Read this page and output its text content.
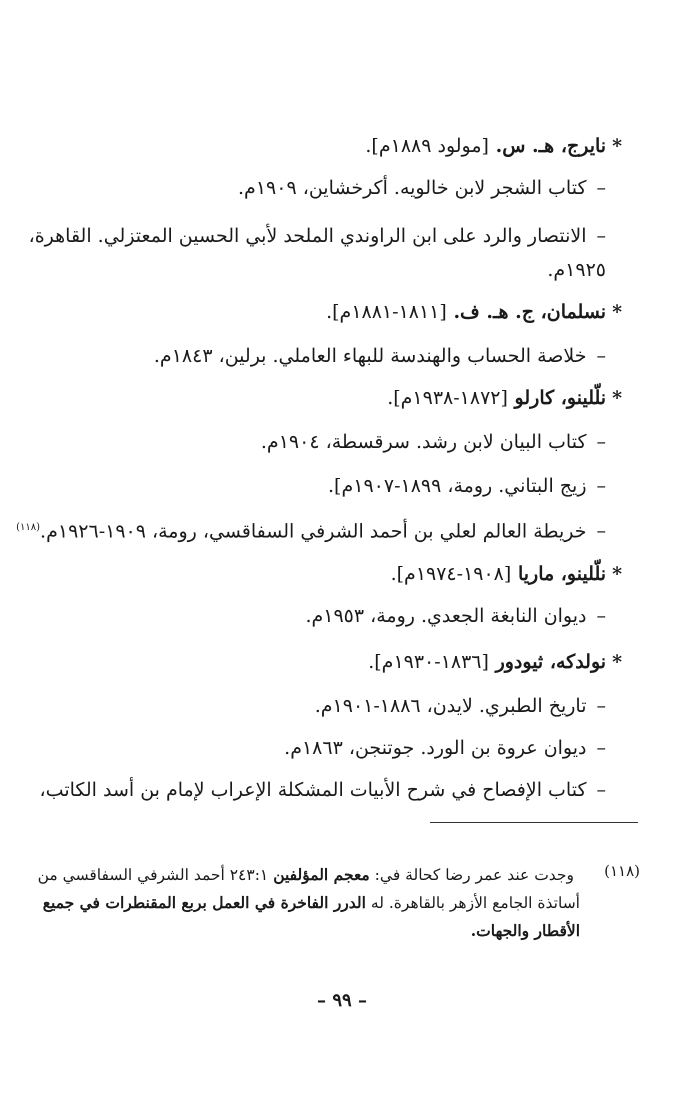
*نايرج، هـ. س. [مولود ١٨٨٩م].
–كتاب الشجر لابن خالويه. أكرخشاين، ١٩٠٩م.
–الانتصار والرد على ابن الراوندي الملحد لأبي الحسين المعتزلي. القاهرة،
١٩٢٥م.
*نسلمان، ج. هـ. ف. [١٨١١-١٨٨١م].
–خلاصة الحساب والهندسة للبهاء العاملي. برلين، ١٨٤٣م.
*نلّلينو، كارلو [١٨٧٢-١٩٣٨م].
–كتاب البيان لابن رشد. سرقسطة، ١٩٠٤م.
–زيج البتاني. رومة، ١٨٩٩-١٩٠٧م].
–خريطة العالم لعلي بن أحمد الشرفي السفاقسي، رومة، ١٩٠٩-١٩٢٦م.$^{(١١٨)}$
*نلّلينو، ماريا [١٩٠٨-١٩٧٤م].
–ديوان النابغة الجعدي. رومة، ١٩٥٣م.
*نولدكه، ثيودور [١٨٣٦-١٩٣٠م].
–تاريخ الطبري. لايدن، ١٨٨٦-١٩٠١م.
–ديوان عروة بن الورد. جوتنجن، ١٨٦٣م.
–كتاب الإفصاح في شرح الأبيات المشكلة الإعراب لإمام بن أسد الكاتب،
(١١٨)
وجدت عند عمر رضا كحالة في: معجم المؤلفين ٢٤٣:١ أحمد الشرفي السفاقسي من
أساتذة الجامع الأزهر بالقاهرة. له الدرر الفاخرة في العمل بربع المقنطرات في جميع
الأقطار والجهات.
– ٩٩ –
